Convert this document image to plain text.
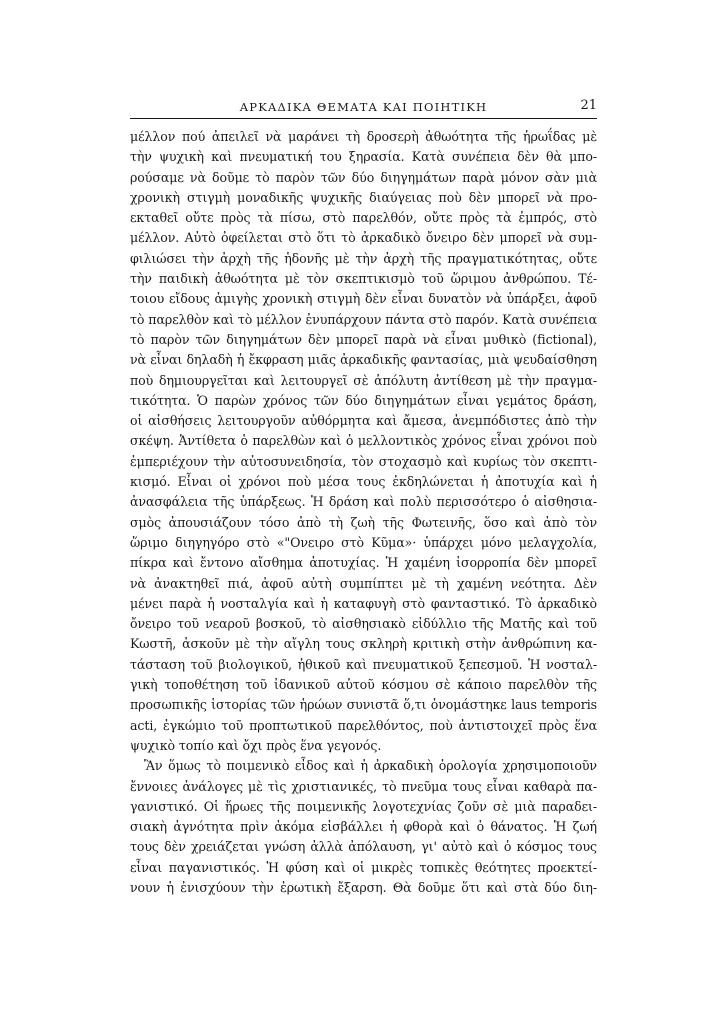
ΑΡΚΑΔΙΚΑ ΘΕΜΑΤΑ ΚΑΙ ΠΟΙΗΤΙΚΗ	21
μέλλον πού ἀπειλεῖ νὰ μαράνει τὴ δροσερὴ ἀθωότητα τῆς ἡρωΐδας μὲ
τὴν ψυχικὴ καὶ πνευματική του ξηρασία. Κατὰ συνέπεια δὲν θὰ μπο-
ρούσαμε νὰ δοῦμε τὸ παρὸν τῶν δύο διηγημάτων παρὰ μόνον σὰν μιὰ
χρονικὴ στιγμὴ μοναδικῆς ψυχικῆς διαύγειας ποὺ δὲν μπορεῖ νὰ προ-
εκταθεῖ οὔτε πρὸς τὰ πίσω, στὸ παρελθόν, οὔτε πρὸς τὰ ἐμπρός, στὸ
μέλλον. Αὐτὸ ὀφείλεται στὸ ὅτι τὸ ἀρκαδικὸ ὄνειρο δὲν μπορεῖ νὰ συμ-
φιλιώσει τὴν ἀρχὴ τῆς ἡδονῆς μὲ τὴν ἀρχὴ τῆς πραγματικότητας, οὔτε
τὴν παιδικὴ ἀθωότητα μὲ τὸν σκεπτικισμὸ τοῦ ὥριμου ἀνθρώπου. Τέ-
τοιου εἴδους ἀμιγὴς χρονικὴ στιγμὴ δὲν εἶναι δυνατὸν νὰ ὑπάρξει, ἀφοῦ
τὸ παρελθὸν καὶ τὸ μέλλον ἐνυπάρχουν πάντα στὸ παρόν. Κατὰ συνέπεια
τὸ παρὸν τῶν διηγημάτων δὲν μπορεῖ παρὰ νὰ εἶναι μυθικὸ (fictional),
νὰ εἶναι δηλαδὴ ἡ ἔκφραση μιᾶς ἀρκαδικῆς φαντασίας, μιὰ ψευδαίσθηση
ποὺ δημιουργεῖται καὶ λειτουργεῖ σὲ ἀπόλυτη ἀντίθεση μὲ τὴν πραγμα-
τικότητα. Ὁ παρὼν χρόνος τῶν δύο διηγημάτων εἶναι γεμάτος δράση,
οἱ αἰσθήσεις λειτουργοῦν αὐθόρμητα καὶ ἄμεσα, ἀνεμπόδιστες ἀπὸ τὴν
σκέψη. Ἀντίθετα ὁ παρελθὼν καὶ ὁ μελλοντικὸς χρόνος εἶναι χρόνοι ποὺ
ἐμπεριέχουν τὴν αὐτοσυνειδησία, τὸν στοχασμὸ καὶ κυρίως τὸν σκεπτι-
κισμό. Εἶναι οἱ χρόνοι ποὺ μέσα τους ἐκδηλώνεται ἡ ἀποτυχία καὶ ἡ
ἀνασφάλεια τῆς ὑπάρξεως. Ἡ δράση καὶ πολὺ περισσότερο ὁ αἰσθησια-
σμὸς ἀπουσιάζουν τόσο ἀπὸ τὴ ζωὴ τῆς Φωτεινῆς, ὅσο καὶ ἀπὸ τὸν
ὥριμο διηγηγόρο στὸ «"Ονειρο στὸ Κῦμα»· ὑπάρχει μόνο μελαγχολία,
πίκρα καὶ ἔντονο αἴσθημα ἀποτυχίας. Ἡ χαμένη ἰσορροπία δὲν μπορεῖ
νὰ ἀνακτηθεῖ πιά, ἀφοῦ αὐτὴ συμπίπτει μὲ τὴ χαμένη νεότητα. Δὲν
μένει παρὰ ἡ νοσταλγία καὶ ἡ καταφυγὴ στὸ φανταστικό. Τὸ ἀρκαδικὸ
ὄνειρο τοῦ νεαροῦ βοσκοῦ, τὸ αἰσθησιακὸ εἰδύλλιο τῆς Ματῆς καὶ τοῦ
Κωστῆ, ἀσκοῦν μὲ τὴν αἴγλη τους σκληρὴ κριτικὴ στὴν ἀνθρώπινη κα-
τάσταση τοῦ βιολογικοῦ, ἠθικοῦ καὶ πνευματικοῦ ξεπεσμοῦ. Ἡ νοσταλ-
γικὴ τοποθέτηση τοῦ ἰδανικοῦ αὐτοῦ κόσμου σὲ κάποιο παρελθὸν τῆς
προσωπικῆς ἱστορίας τῶν ἡρώων συνιστᾶ ὅ,τι ὀνομάστηκε laus temporis
acti, ἐγκώμιο τοῦ προπτωτικοῦ παρελθόντος, ποὺ ἀντιστοιχεῖ πρὸς ἕνα
ψυχικὸ τοπίο καὶ ὄχι πρὸς ἕνα γεγονός.
Ἂν ὅμως τὸ ποιμενικὸ εἶδος καὶ ἡ ἀρκαδικὴ ὁρολογία χρησιμοποιοῦν
ἔννοιες ἀνάλογες μὲ τὶς χριστιανικές, τὸ πνεῦμα τους εἶναι καθαρὰ πα-
γανιστικό. Οἱ ἥρωες τῆς ποιμενικῆς λογοτεχνίας ζοῦν σὲ μιὰ παραδει-
σιακὴ ἀγνότητα πρὶν ἀκόμα εἰσβάλλει ἡ φθορὰ καὶ ὁ θάνατος. Ἡ ζωή
τους δὲν χρειάζεται γνώση ἀλλὰ ἀπόλαυση, γι' αὐτὸ καὶ ὁ κόσμος τους
εἶναι παγανιστικός. Ἡ φύση καὶ οἱ μικρὲς τοπικὲς θεότητες προεκτεί-
νουν ἡ ἐνισχύουν τὴν ἐρωτικὴ ἔξαρση. Θὰ δοῦμε ὅτι καὶ στὰ δύο διη-
